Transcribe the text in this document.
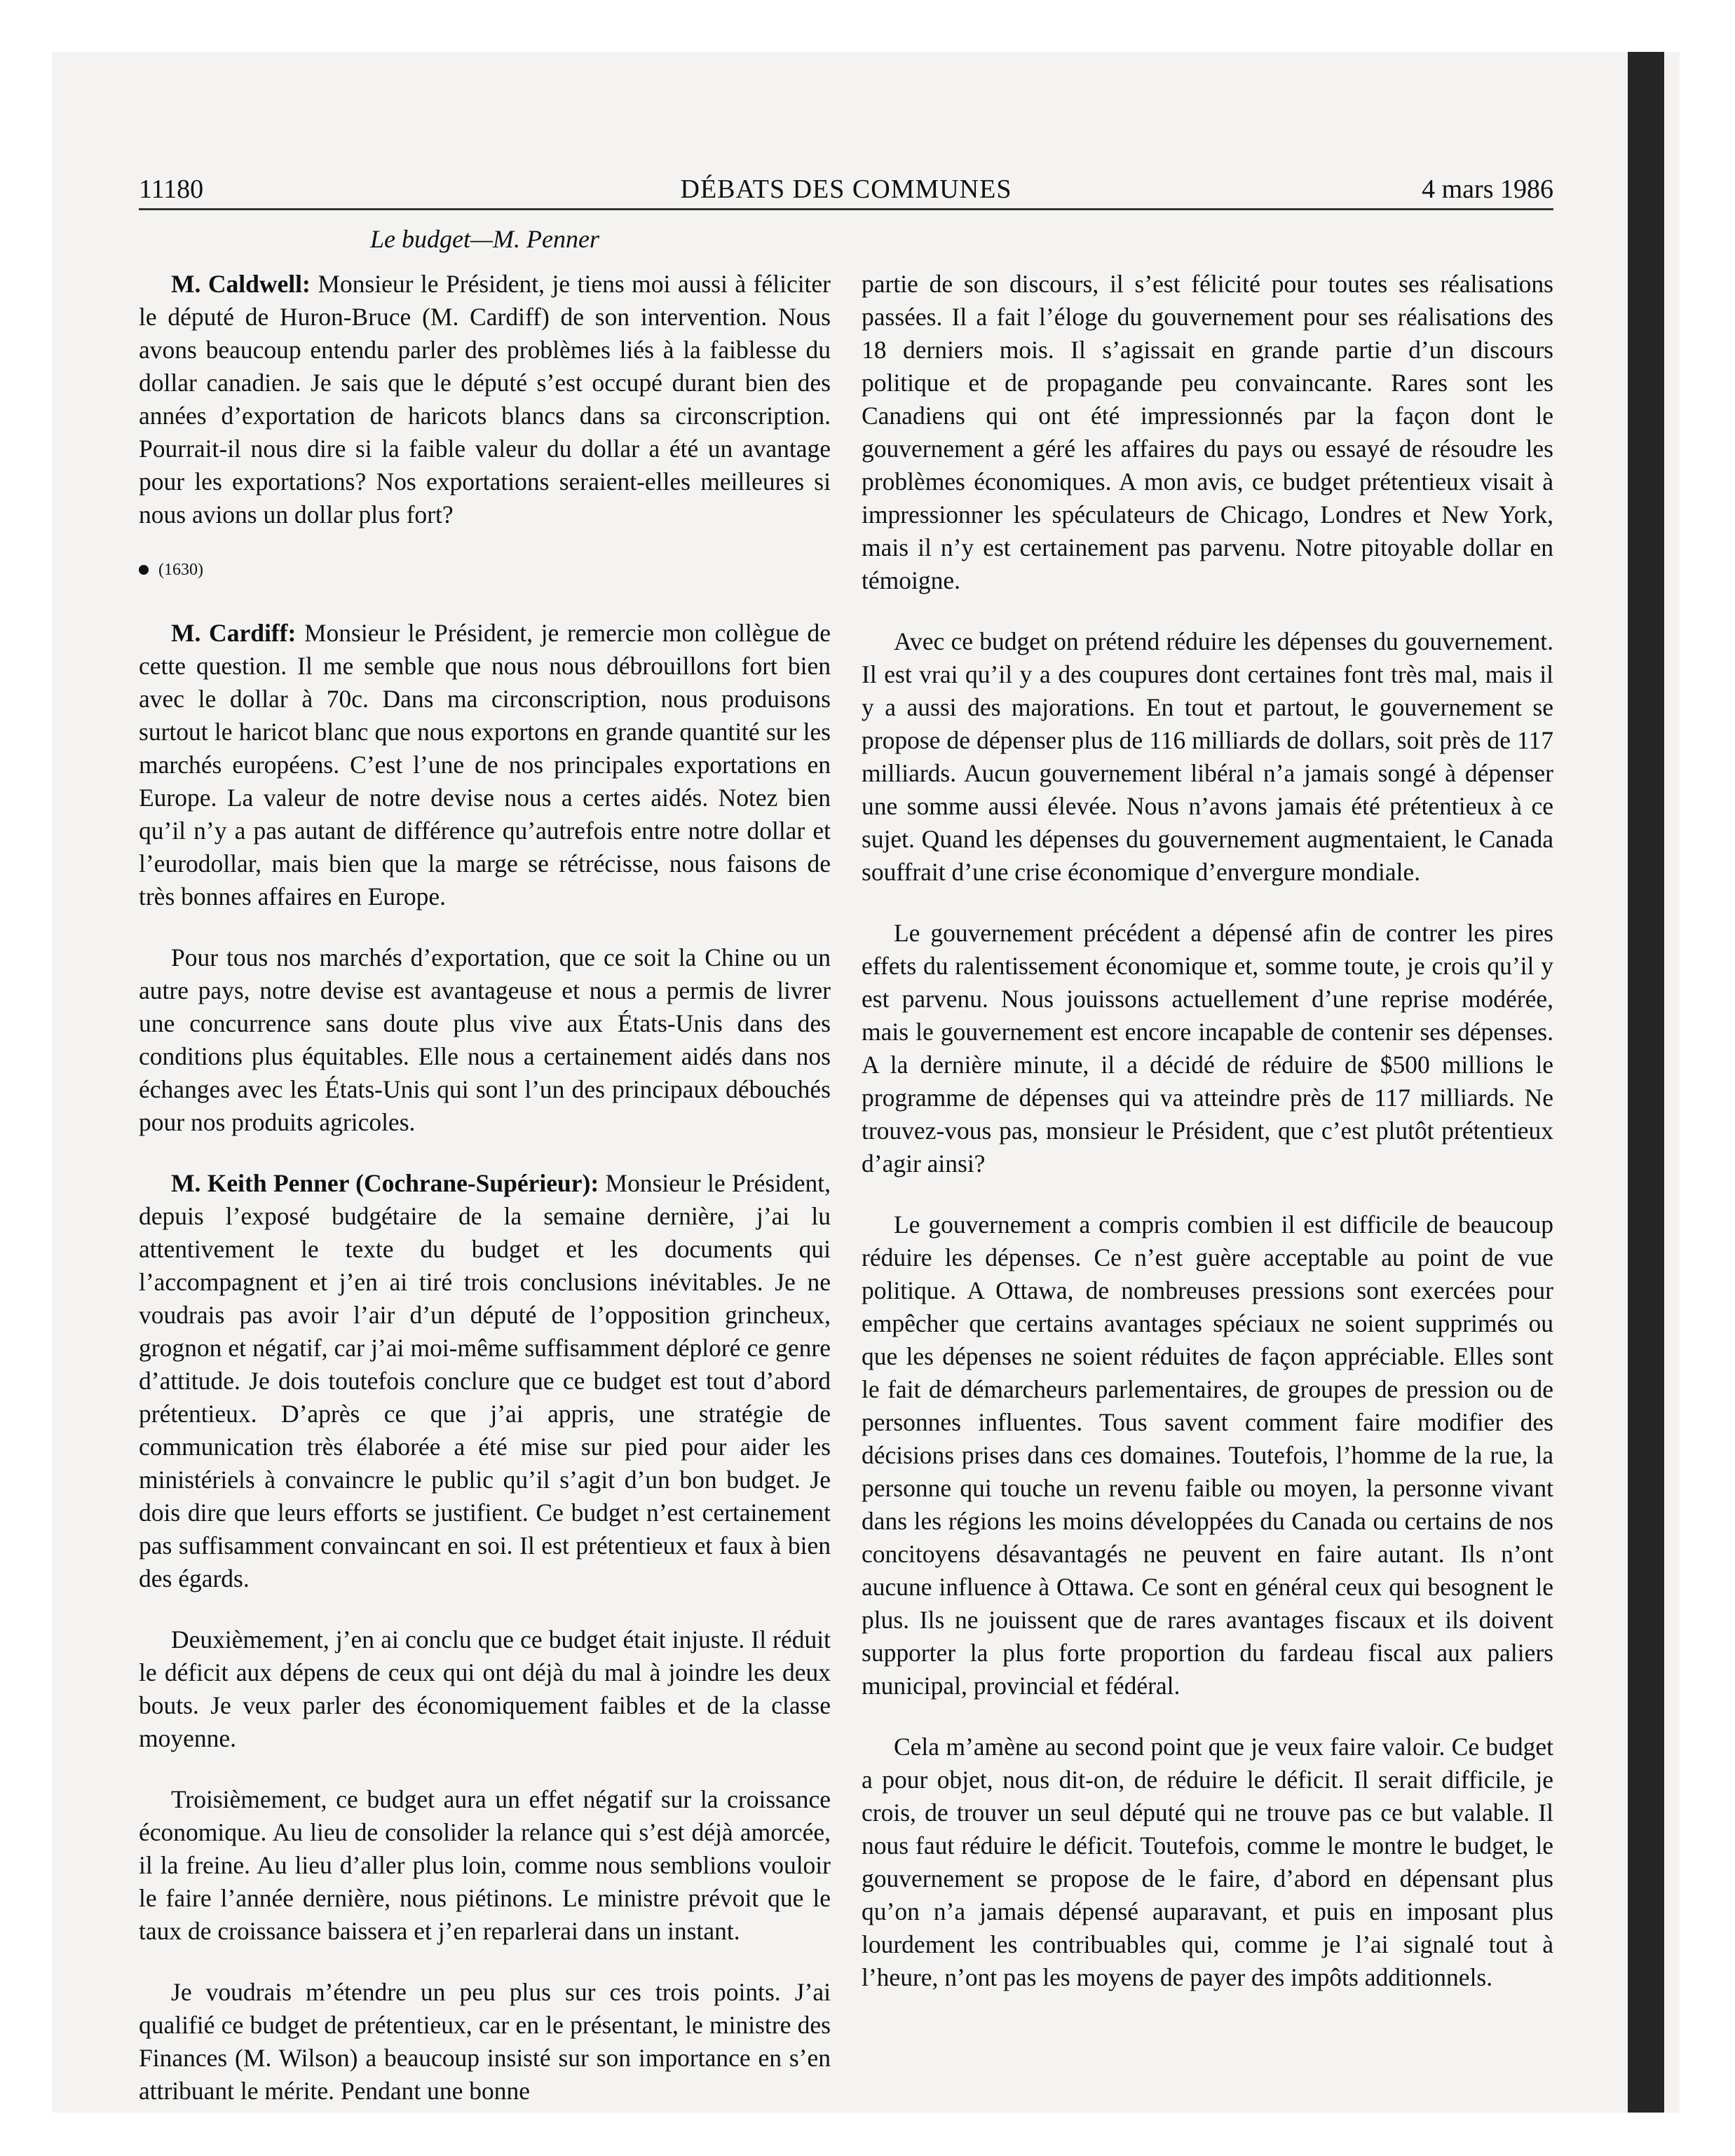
11180	DÉBATS DES COMMUNES	4 mars 1986
Le budget—M. Penner

M. Caldwell: Monsieur le Président, je tiens moi aussi à féliciter le député de Huron-Bruce (M. Cardiff) de son intervention. Nous avons beaucoup entendu parler des problèmes liés à la faiblesse du dollar canadien. Je sais que le député s’est occupé durant bien des années d’exportation de haricots blancs dans sa circonscription. Pourrait-il nous dire si la faible valeur du dollar a été un avantage pour les exportations? Nos exportations seraient-elles meilleures si nous avions un dollar plus fort?

(1630)

M. Cardiff: Monsieur le Président, je remercie mon collègue de cette question. Il me semble que nous nous débrouillons fort bien avec le dollar à 70c. Dans ma circonscription, nous produisons surtout le haricot blanc que nous exportons en grande quantité sur les marchés européens. C’est l’une de nos principales exportations en Europe. La valeur de notre devise nous a certes aidés. Notez bien qu’il n’y a pas autant de différence qu’autrefois entre notre dollar et l’eurodollar, mais bien que la marge se rétrécisse, nous faisons de très bonnes affaires en Europe.

Pour tous nos marchés d’exportation, que ce soit la Chine ou un autre pays, notre devise est avantageuse et nous a permis de livrer une concurrence sans doute plus vive aux États-Unis dans des conditions plus équitables. Elle nous a certainement aidés dans nos échanges avec les États-Unis qui sont l’un des principaux débouchés pour nos produits agricoles.

M. Keith Penner (Cochrane-Supérieur): Monsieur le Président, depuis l’exposé budgétaire de la semaine dernière, j’ai lu attentivement le texte du budget et les documents qui l’accompagnent et j’en ai tiré trois conclusions inévitables. Je ne voudrais pas avoir l’air d’un député de l’opposition grincheux, grognon et négatif, car j’ai moi-même suffisamment déploré ce genre d’attitude. Je dois toutefois conclure que ce budget est tout d’abord prétentieux. D’après ce que j’ai appris, une stratégie de communication très élaborée a été mise sur pied pour aider les ministériels à convaincre le public qu’il s’agit d’un bon budget. Je dois dire que leurs efforts se justifient. Ce budget n’est certainement pas suffisamment convaincant en soi. Il est prétentieux et faux à bien des égards.

Deuxièmement, j’en ai conclu que ce budget était injuste. Il réduit le déficit aux dépens de ceux qui ont déjà du mal à joindre les deux bouts. Je veux parler des économiquement faibles et de la classe moyenne.

Troisièmement, ce budget aura un effet négatif sur la croissance économique. Au lieu de consolider la relance qui s’est déjà amorcée, il la freine. Au lieu d’aller plus loin, comme nous semblions vouloir le faire l’année dernière, nous piétinons. Le ministre prévoit que le taux de croissance baissera et j’en reparlerai dans un instant.

Je voudrais m’étendre un peu plus sur ces trois points. J’ai qualifié ce budget de prétentieux, car en le présentant, le ministre des Finances (M. Wilson) a beaucoup insisté sur son importance en s’en attribuant le mérite. Pendant une bonne

partie de son discours, il s’est félicité pour toutes ses réalisations passées. Il a fait l’éloge du gouvernement pour ses réalisations des 18 derniers mois. Il s’agissait en grande partie d’un discours politique et de propagande peu convaincante. Rares sont les Canadiens qui ont été impressionnés par la façon dont le gouvernement a géré les affaires du pays ou essayé de résoudre les problèmes économiques. A mon avis, ce budget prétentieux visait à impressionner les spéculateurs de Chicago, Londres et New York, mais il n’y est certainement pas parvenu. Notre pitoyable dollar en témoigne.

Avec ce budget on prétend réduire les dépenses du gouvernement. Il est vrai qu’il y a des coupures dont certaines font très mal, mais il y a aussi des majorations. En tout et partout, le gouvernement se propose de dépenser plus de 116 milliards de dollars, soit près de 117 milliards. Aucun gouvernement libéral n’a jamais songé à dépenser une somme aussi élevée. Nous n’avons jamais été prétentieux à ce sujet. Quand les dépenses du gouvernement augmentaient, le Canada souffrait d’une crise économique d’envergure mondiale.

Le gouvernement précédent a dépensé afin de contrer les pires effets du ralentissement économique et, somme toute, je crois qu’il y est parvenu. Nous jouissons actuellement d’une reprise modérée, mais le gouvernement est encore incapable de contenir ses dépenses. A la dernière minute, il a décidé de réduire de $500 millions le programme de dépenses qui va atteindre près de 117 milliards. Ne trouvez-vous pas, monsieur le Président, que c’est plutôt prétentieux d’agir ainsi?

Le gouvernement a compris combien il est difficile de beaucoup réduire les dépenses. Ce n’est guère acceptable au point de vue politique. A Ottawa, de nombreuses pressions sont exercées pour empêcher que certains avantages spéciaux ne soient supprimés ou que les dépenses ne soient réduites de façon appréciable. Elles sont le fait de démarcheurs parlementaires, de groupes de pression ou de personnes influentes. Tous savent comment faire modifier des décisions prises dans ces domaines. Toutefois, l’homme de la rue, la personne qui touche un revenu faible ou moyen, la personne vivant dans les régions les moins développées du Canada ou certains de nos concitoyens désavantagés ne peuvent en faire autant. Ils n’ont aucune influence à Ottawa. Ce sont en général ceux qui besognent le plus. Ils ne jouissent que de rares avantages fiscaux et ils doivent supporter la plus forte proportion du fardeau fiscal aux paliers municipal, provincial et fédéral.

Cela m’amène au second point que je veux faire valoir. Ce budget a pour objet, nous dit-on, de réduire le déficit. Il serait difficile, je crois, de trouver un seul député qui ne trouve pas ce but valable. Il nous faut réduire le déficit. Toutefois, comme le montre le budget, le gouvernement se propose de le faire, d’abord en dépensant plus qu’on n’a jamais dépensé auparavant, et puis en imposant plus lourdement les contribuables qui, comme je l’ai signalé tout à l’heure, n’ont pas les moyens de payer des impôts additionnels.
